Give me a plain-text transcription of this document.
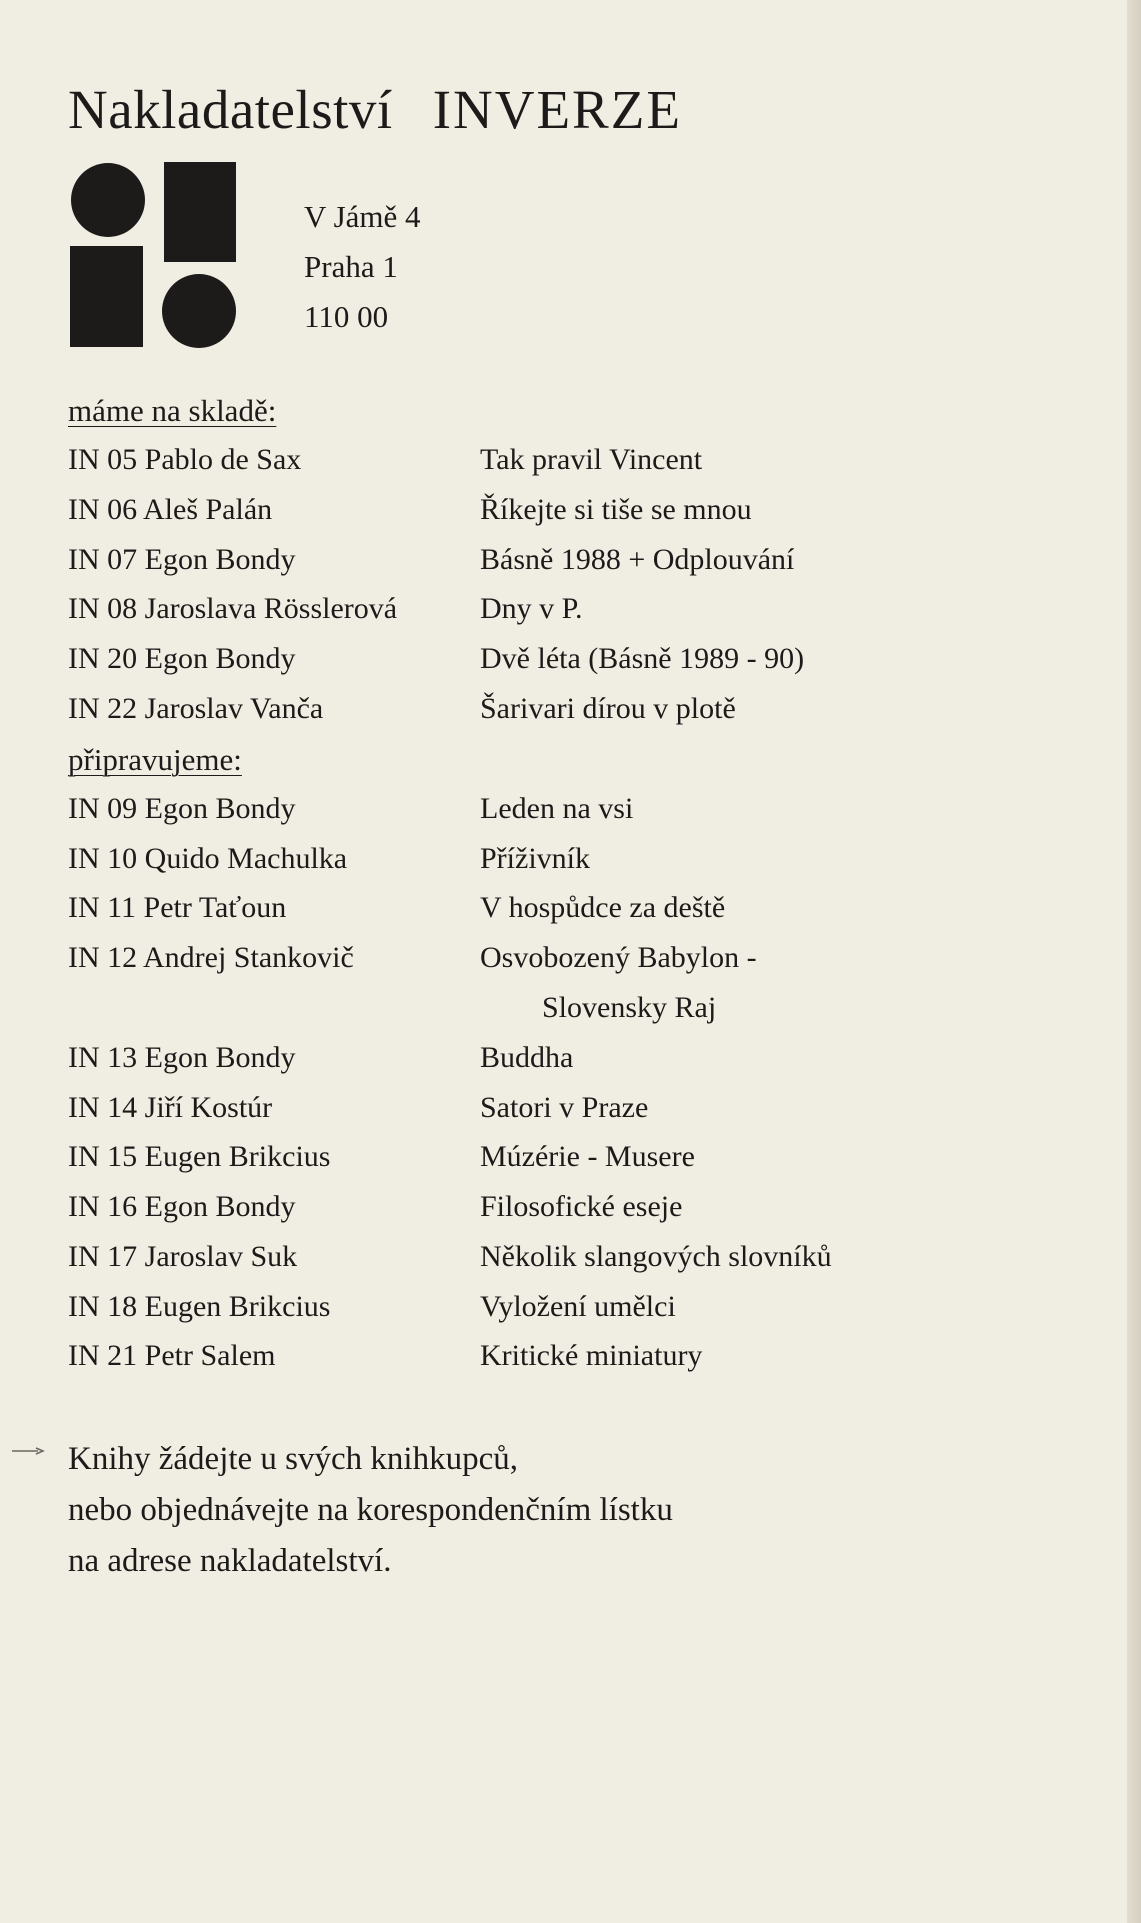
Nakladatelství INVERZE
V Jámě 4
Praha 1
110 00
máme na skladě:
IN 05 Pablo de Sax	Tak pravil Vincent
IN 06 Aleš Palán	Říkejte si tiše se mnou
IN 07 Egon Bondy	Básně 1988 + Odplouvání
IN 08 Jaroslava Rösslerová	Dny v P.
IN 20 Egon Bondy	Dvě léta (Básně 1989 - 90)
IN 22 Jaroslav Vanča	Šarivari dírou v plotě
připravujeme:
IN 09 Egon Bondy	Leden na vsi
IN 10 Quido Machulka	Příživník
IN 11 Petr Taťoun	V hospůdce za deště
IN 12 Andrej Stankovič	Osvobozený Babylon -
Slovensky Raj
IN 13 Egon Bondy	Buddha
IN 14 Jiří Kostúr	Satori v Praze
IN 15 Eugen Brikcius	Múzérie - Musere
IN 16 Egon Bondy	Filosofické eseje
IN 17 Jaroslav Suk	Několik slangových slovníků
IN 18 Eugen Brikcius	Vyložení umělci
IN 21 Petr Salem	Kritické miniatury
Knihy žádejte u svých knihkupců,
nebo objednávejte na korespondenčním lístku
na adrese nakladatelství.
